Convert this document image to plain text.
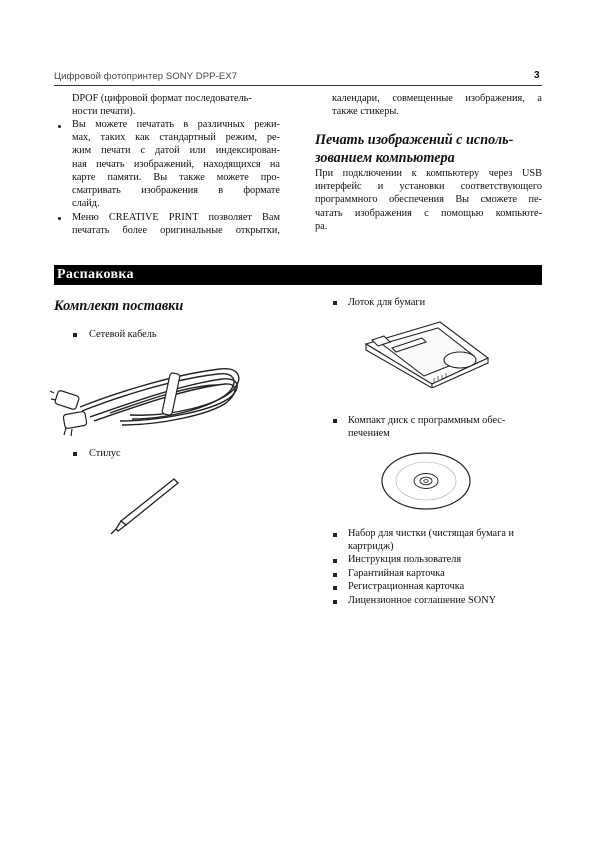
Цифровой фотопринтер SONY DPP-EX7	3
DPOF (цифровой формат последователь-
ности печати).
Вы можете печатать в различных режи-
мах, таких как стандартный режим, ре-
жим печати с датой или индексирован-
ная печать изображений, находящихся на
карте памяти. Вы также можете про-
сматривать изображения в формате
слайд.
Меню CREATIVE PRINT позволяет Вам
печатать более оригинальные открытки,
календари, совмещенные изображения, а
также стикеры.
Печать изображений с исполь-
зованием компьютера
При подключении к компьютеру через USB
интерфейс и установки соответствующего
программного обеспечения Вы сможете пе-
чатать изображения с помощью компьюте-
ра.
Распаковка
Комплект поставки
Сетевой кабель
Стилус
Лоток для бумаги
Компакт диск с программным обес-
печением
Набор для чистки (чистящая бумага и
картридж)
Инструкция пользователя
Гарантийная карточка
Регистрационная карточка
Лицензионное соглашение SONY
